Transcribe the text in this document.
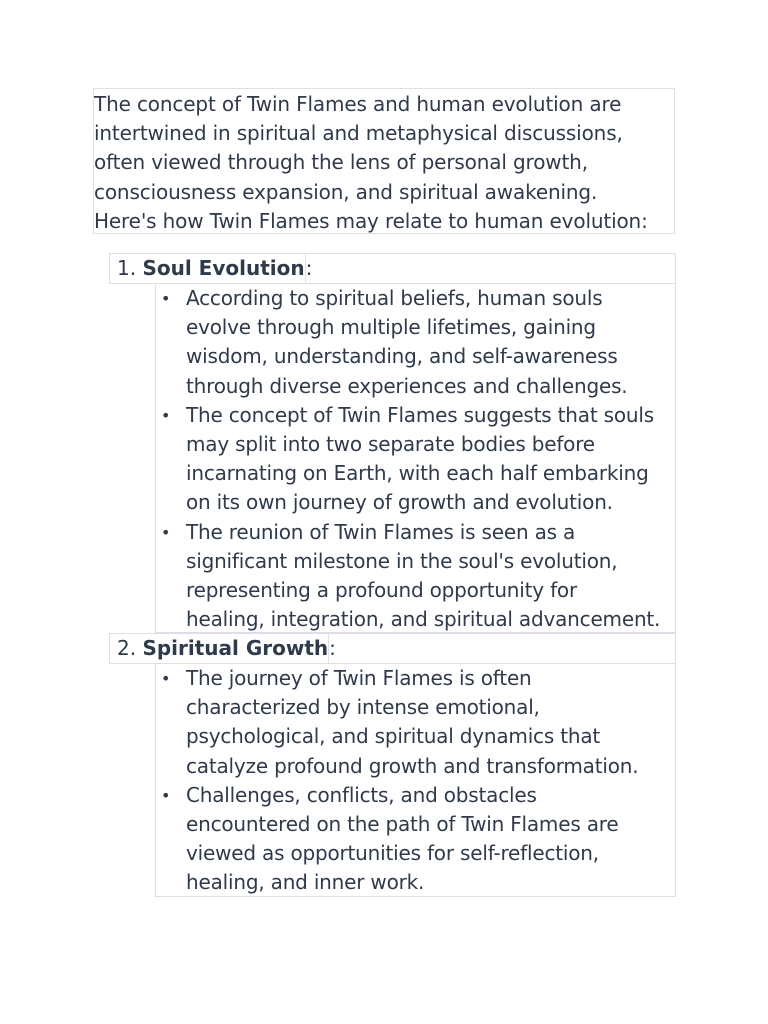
The concept of Twin Flames and human evolution are
intertwined in spiritual and metaphysical discussions,
often viewed through the lens of personal growth,
consciousness expansion, and spiritual awakening.
Here's how Twin Flames may relate to human evolution:
1. Soul Evolution:
• According to spiritual beliefs, human souls
evolve through multiple lifetimes, gaining
wisdom, understanding, and self-awareness
through diverse experiences and challenges.
• The concept of Twin Flames suggests that souls
may split into two separate bodies before
incarnating on Earth, with each half embarking
on its own journey of growth and evolution.
• The reunion of Twin Flames is seen as a
significant milestone in the soul's evolution,
representing a profound opportunity for
healing, integration, and spiritual advancement.
2. Spiritual Growth:
• The journey of Twin Flames is often
characterized by intense emotional,
psychological, and spiritual dynamics that
catalyze profound growth and transformation.
• Challenges, conflicts, and obstacles
encountered on the path of Twin Flames are
viewed as opportunities for self-reflection,
healing, and inner work.
